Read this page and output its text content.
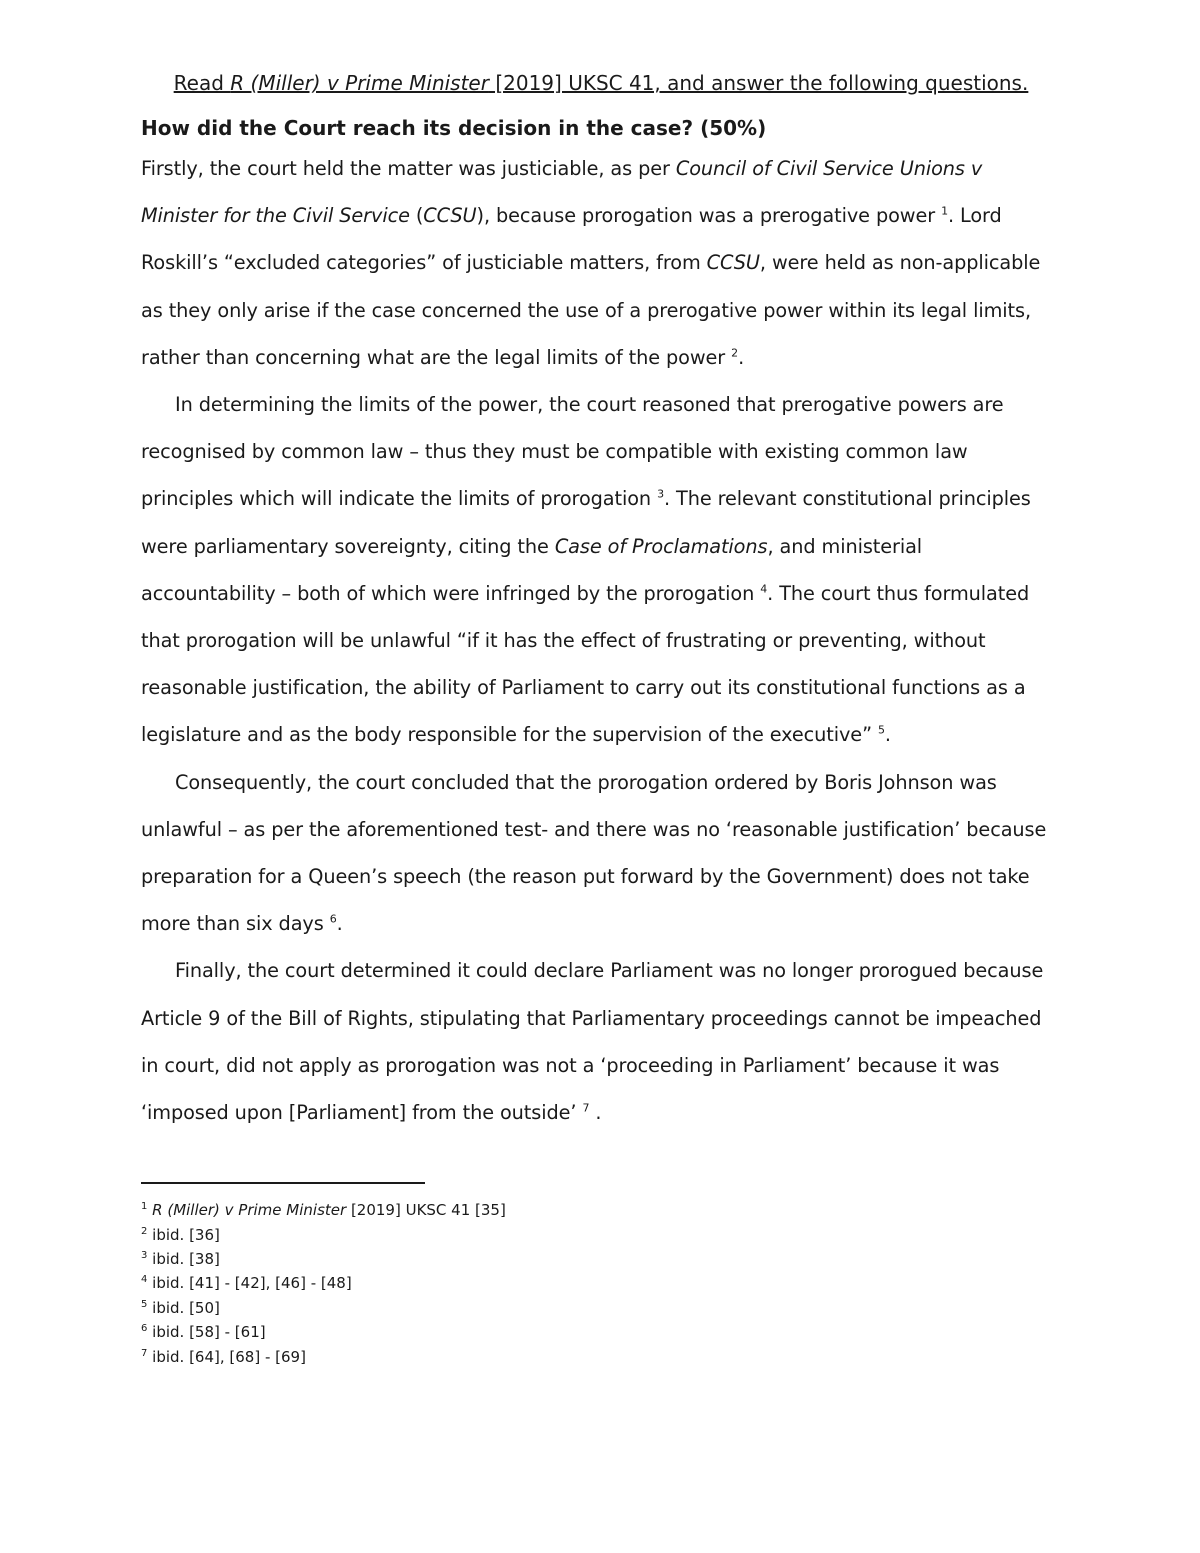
Read R (Miller) v Prime Minister [2019] UKSC 41, and answer the following questions.

How did the Court reach its decision in the case? (50%)

Firstly, the court held the matter was justiciable, as per Council of Civil Service Unions v Minister for the Civil Service (CCSU), because prorogation was a prerogative power $^1$. Lord Roskill’s “excluded categories” of justiciable matters, from CCSU, were held as non-applicable as they only arise if the case concerned the use of a prerogative power within its legal limits, rather than concerning what are the legal limits of the power $^2$.

In determining the limits of the power, the court reasoned that prerogative powers are recognised by common law – thus they must be compatible with existing common law principles which will indicate the limits of prorogation $^3$. The relevant constitutional principles were parliamentary sovereignty, citing the Case of Proclamations, and ministerial accountability – both of which were infringed by the prorogation $^4$. The court thus formulated that prorogation will be unlawful “if it has the effect of frustrating or preventing, without reasonable justification, the ability of Parliament to carry out its constitutional functions as a legislature and as the body responsible for the supervision of the executive” $^5$.

Consequently, the court concluded that the prorogation ordered by Boris Johnson was unlawful – as per the aforementioned test- and there was no ‘reasonable justification’ because preparation for a Queen’s speech (the reason put forward by the Government) does not take more than six days $^6$.

Finally, the court determined it could declare Parliament was no longer prorogued because Article 9 of the Bill of Rights, stipulating that Parliamentary proceedings cannot be impeached in court, did not apply as prorogation was not a ‘proceeding in Parliament’ because it was ‘imposed upon [Parliament] from the outside’ $^7$ .

$^1$ R (Miller) v Prime Minister [2019] UKSC 41 [35]

$^2$ ibid. [36]

$^3$ ibid. [38]

$^4$ ibid. [41] - [42], [46] - [48]

$^5$ ibid. [50]

$^6$ ibid. [58] - [61]

$^7$ ibid. [64], [68] - [69]
